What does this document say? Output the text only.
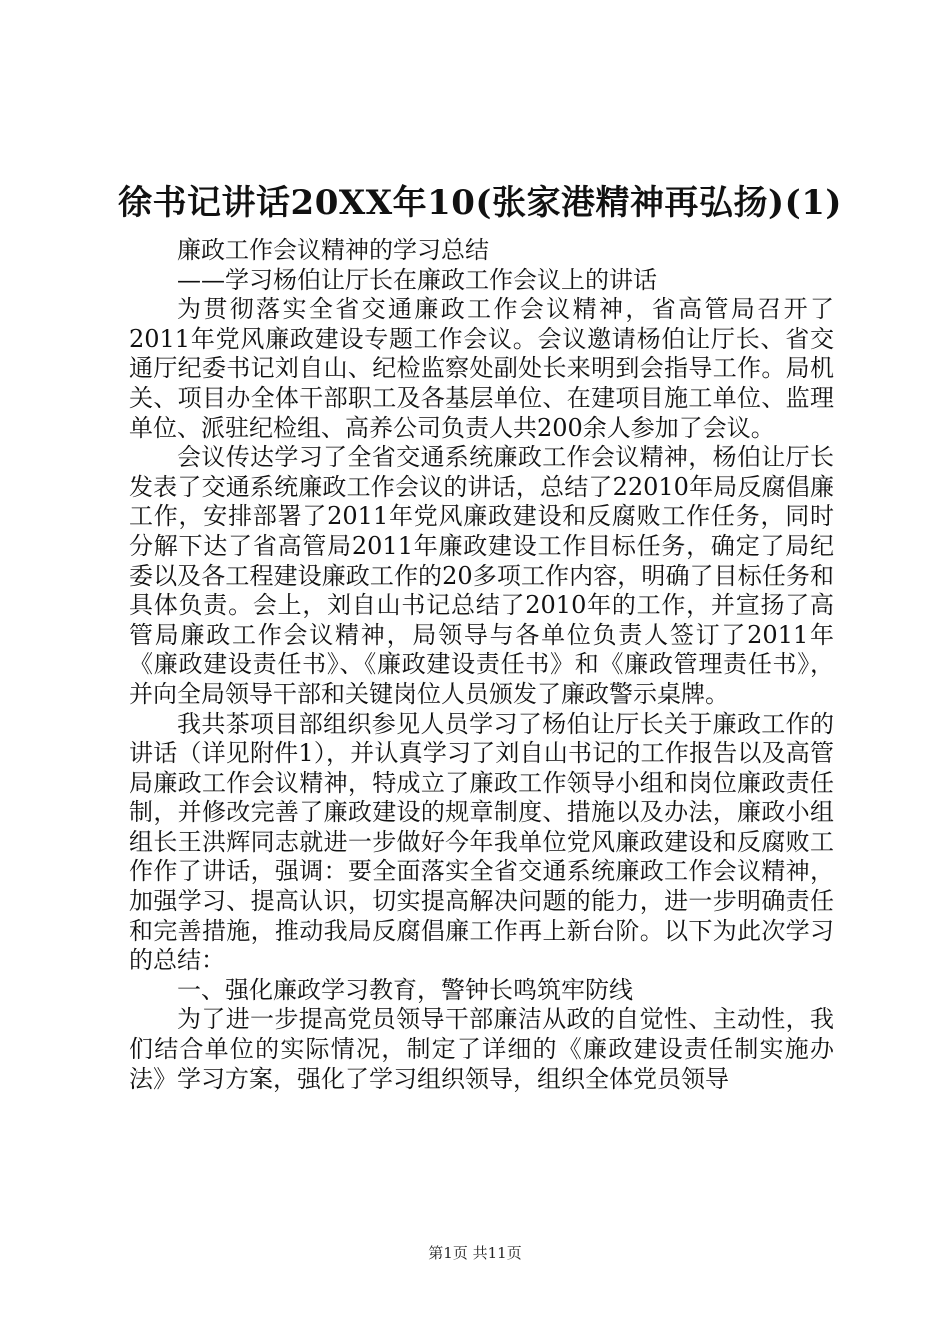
徐书记讲话20XX年10(张家港精神再弘扬)(1)

廉政工作会议精神的学习总结

——学习杨伯让厅长在廉政工作会议上的讲话

为贯彻落实全省交通廉政工作会议精神，省高管局召开了2011年党风廉政建设专题工作会议。会议邀请杨伯让厅长、省交通厅纪委书记刘自山、纪检监察处副处长来明到会指导工作。局机关、项目办全体干部职工及各基层单位、在建项目施工单位、监理单位、派驻纪检组、高养公司负责人共200余人参加了会议。

会议传达学习了全省交通系统廉政工作会议精神，杨伯让厅长发表了交通系统廉政工作会议的讲话，总结了22010年局反腐倡廉工作，安排部署了2011年党风廉政建设和反腐败工作任务，同时分解下达了省高管局2011年廉政建设工作目标任务，确定了局纪委以及各工程建设廉政工作的20多项工作内容，明确了目标任务和具体负责。会上，刘自山书记总结了2010年的工作，并宣扬了高管局廉政工作会议精神，局领导与各单位负责人签订了2011年《廉政建设责任书》、《廉政建设责任书》和《廉政管理责任书》，并向全局领导干部和关键岗位人员颁发了廉政警示桌牌。

我共茶项目部组织参见人员学习了杨伯让厅长关于廉政工作的讲话（详见附件1），并认真学习了刘自山书记的工作报告以及高管局廉政工作会议精神，特成立了廉政工作领导小组和岗位廉政责任制，并修改完善了廉政建设的规章制度、措施以及办法，廉政小组组长王洪辉同志就进一步做好今年我单位党风廉政建设和反腐败工作作了讲话，强调：要全面落实全省交通系统廉政工作会议精神，加强学习、提高认识，切实提高解决问题的能力，进一步明确责任和完善措施，推动我局反腐倡廉工作再上新台阶。以下为此次学习的总结：

一、强化廉政学习教育，警钟长鸣筑牢防线

为了进一步提高党员领导干部廉洁从政的自觉性、主动性，我们结合单位的实际情况，制定了详细的《廉政建设责任制实施办法》学习方案，强化了学习组织领导，组织全体党员领导

第1页 共11页
